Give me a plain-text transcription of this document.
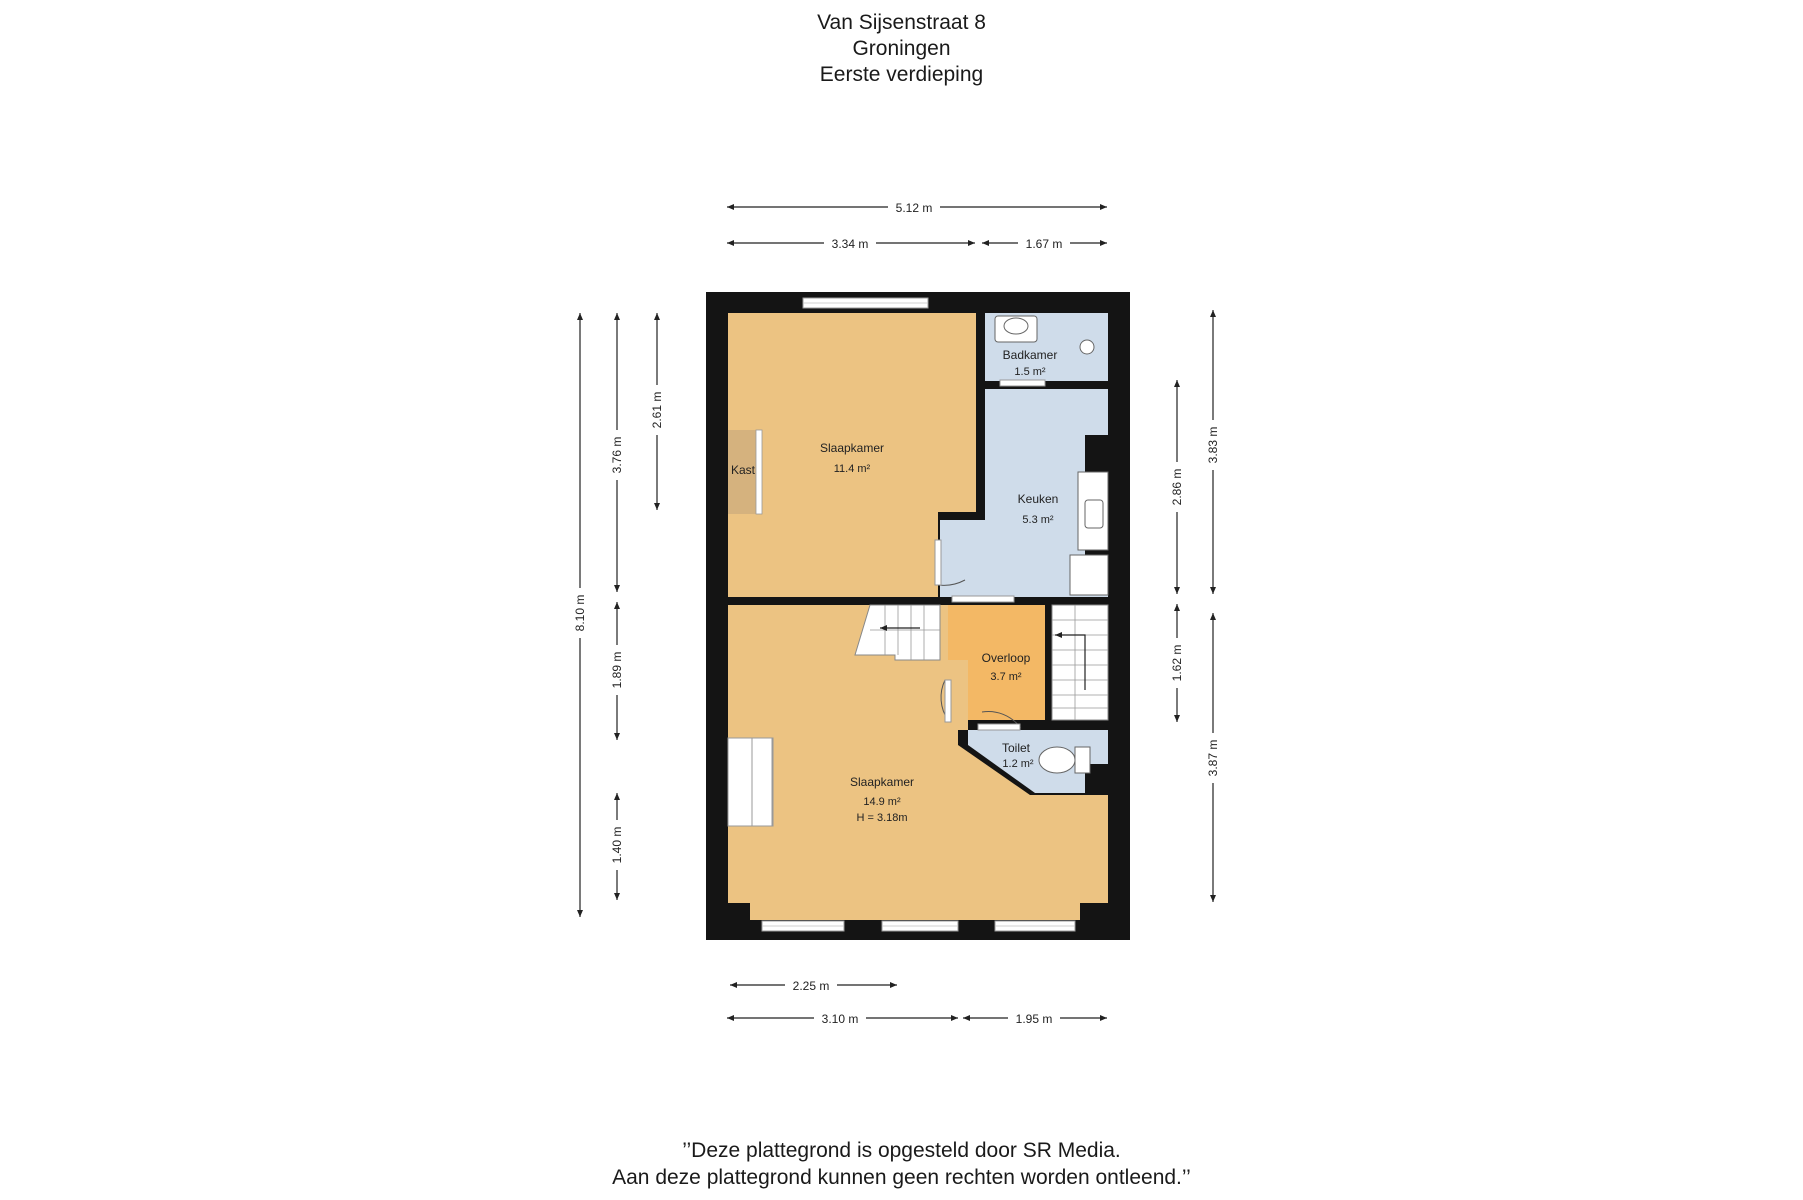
Van Sijsenstraat 8
Groningen
Eerste verdieping
5.12 m
3.34 m	1.67 m
2.25 m
3.10 m	1.95 m
8.10 m
3.76 m
1.89 m
1.40 m
2.61 m
2.86 m
1.62 m
3.83 m
3.87 m
Slaapkamer
11.4 m²
Kast
Badkamer
1.5 m²
Keuken
5.3 m²
Overloop
3.7 m²
Toilet
1.2 m²
Slaapkamer
14.9 m²
H = 3.18m
’’Deze plattegrond is opgesteld door SR Media.
Aan deze plattegrond kunnen geen rechten worden ontleend.’’
